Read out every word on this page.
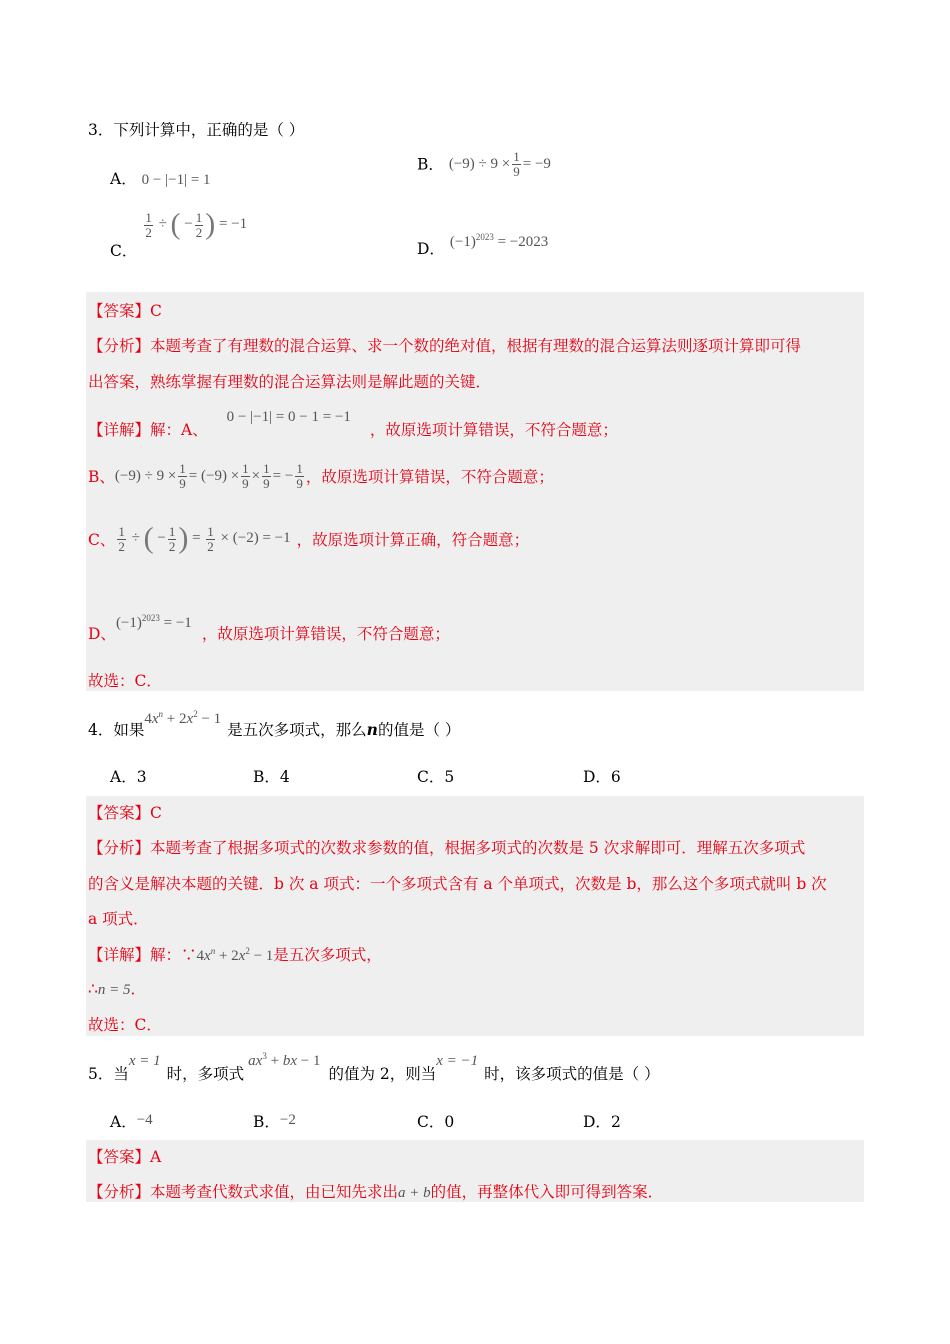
3．下列计算中，正确的是（ ）
A． 0 − |−1| = 1
B． $(-9) \div 9 \times \frac{1}{9} = -9$
C．
$\frac{1}{2}$ ÷ ( − $\frac{1}{2}$ ) = −1
D． $(-1)^{2023} = -2023$
【答案】C
【分析】本题考查了有理数的混合运算、求一个数的绝对值，根据有理数的混合运算法则逐项计算即可得
出答案，熟练掌握有理数的混合运算法则是解此题的关键．
【详解】解：A、 0 − |−1| = 0 − 1 = −1 ，故原选项计算错误，不符合题意；
B、$(-9) \div 9 \times \frac{1}{9} = (-9) \times \frac{1}{9} \times \frac{1}{9}$ = − $\frac{1}{9}$ ，故原选项计算错误，不符合题意；
C、 $\frac{1}{2}$ ÷ ( − $\frac{1}{2}$ ) = $\frac{1}{2} \times (-2) = -1$ ，故原选项计算正确，符合题意；
D、$(-1)^{2023} = -1$，故原选项计算错误，不符合题意；
故选：C．
4．如果$4x^n + 2x^2 - 1$是五次多项式，那么n的值是（ ）
A．3	B．4	C．5	D．6
【答案】C
【分析】本题考查了根据多项式的次数求参数的值，根据多项式的次数是 5 次求解即可．理解五次多项式
的含义是解决本题的关键．b 次 a 项式：一个多项式含有 a 个单项式，次数是 b，那么这个多项式就叫 b 次
a 项式．
【详解】解：$\because 4x^n + 2x^2 - 1$是五次多项式，
∴n = 5．
故选：C．
5．当x = 1时，多项式$ax^3$ + bx − 1的值为 2，则当x = −1时，该多项式的值是（ ）
A．−4	B．−2	C．0	D．2
【答案】A
【分析】本题考查代数式求值，由已知先求出a + b的值，再整体代入即可得到答案．
